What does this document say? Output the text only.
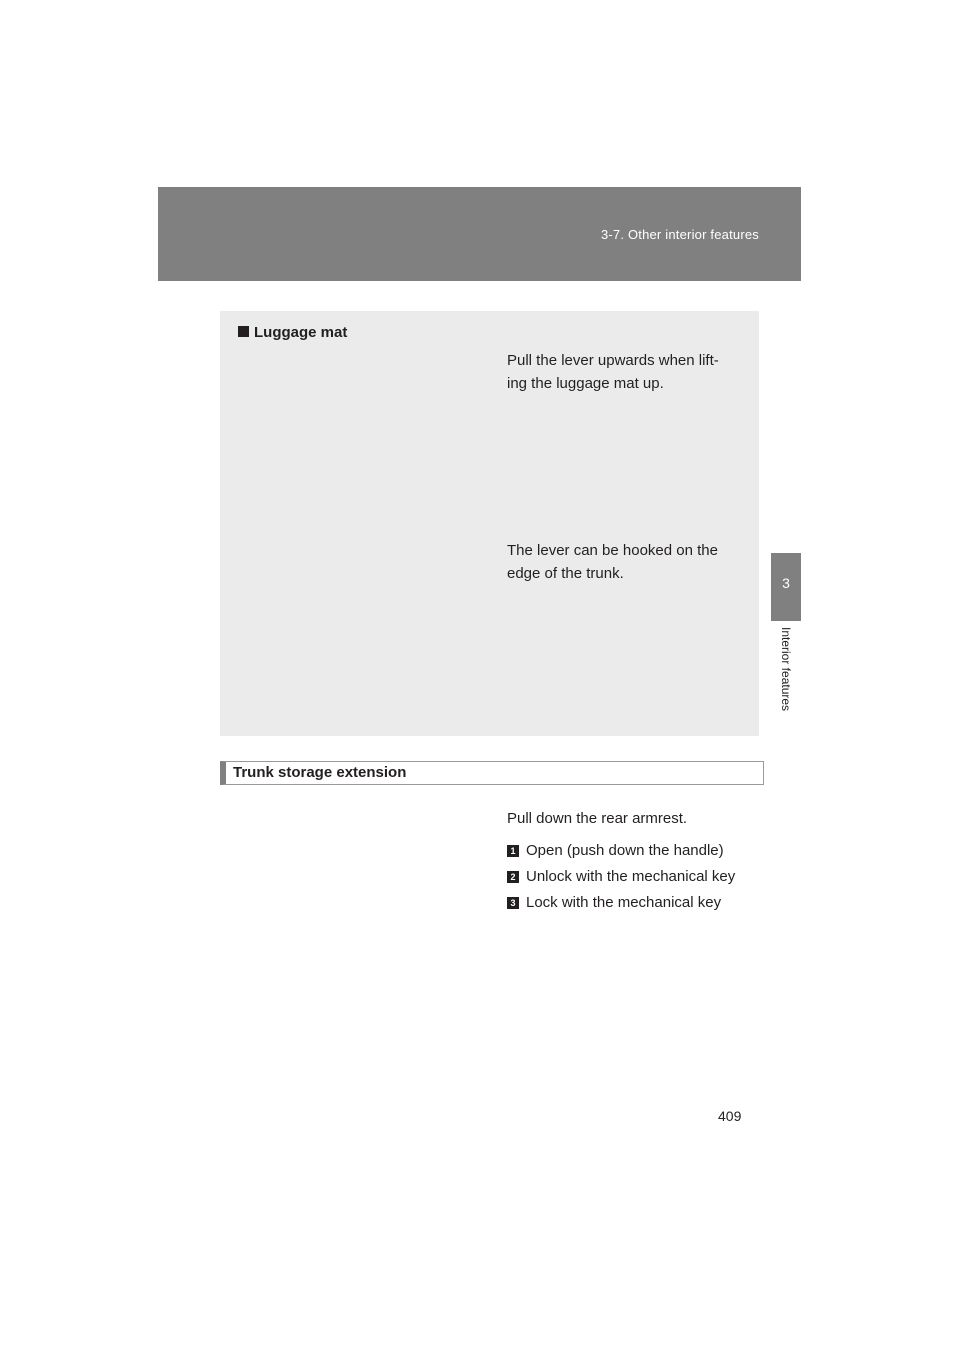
3-7. Other interior features
3
Interior features
Luggage mat
Pull the lever upwards when lift-
ing the luggage mat up.
The lever can be hooked on the
edge of the trunk.
Trunk storage extension
Pull down the rear armrest.
1 Open (push down the handle)
2 Unlock with the mechanical key
3 Lock with the mechanical key
409
